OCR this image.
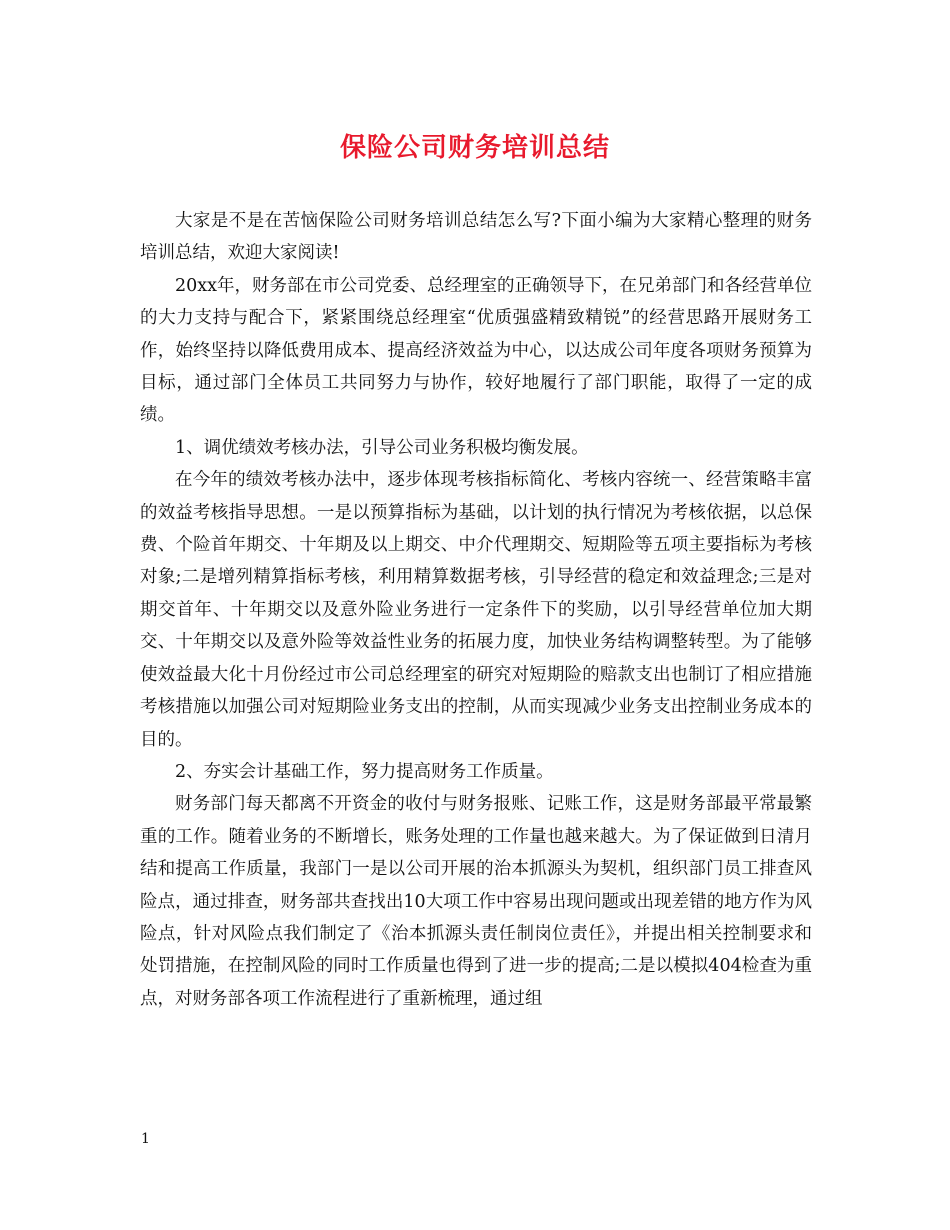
保险公司财务培训总结

大家是不是在苦恼保险公司财务培训总结怎么写?下面小编为大家精心整理的财务培训总结，欢迎大家阅读!

20xx年，财务部在市公司党委、总经理室的正确领导下，在兄弟部门和各经营单位的大力支持与配合下，紧紧围绕总经理室“优质强盛精致精锐”的经营思路开展财务工作，始终坚持以降低费用成本、提高经济效益为中心，以达成公司年度各项财务预算为目标，通过部门全体员工共同努力与协作，较好地履行了部门职能，取得了一定的成绩。

1、调优绩效考核办法，引导公司业务积极均衡发展。

在今年的绩效考核办法中，逐步体现考核指标简化、考核内容统一、经营策略丰富的效益考核指导思想。一是以预算指标为基础，以计划的执行情况为考核依据，以总保费、个险首年期交、十年期及以上期交、中介代理期交、短期险等五项主要指标为考核对象;二是增列精算指标考核，利用精算数据考核，引导经营的稳定和效益理念;三是对期交首年、十年期交以及意外险业务进行一定条件下的奖励，以引导经营单位加大期交、十年期交以及意外险等效益性业务的拓展力度，加快业务结构调整转型。为了能够使效益最大化十月份经过市公司总经理室的研究对短期险的赔款支出也制订了相应措施考核措施以加强公司对短期险业务支出的控制，从而实现减少业务支出控制业务成本的目的。

2、夯实会计基础工作，努力提高财务工作质量。

财务部门每天都离不开资金的收付与财务报账、记账工作，这是财务部最平常最繁重的工作。随着业务的不断增长，账务处理的工作量也越来越大。为了保证做到日清月结和提高工作质量，我部门一是以公司开展的治本抓源头为契机，组织部门员工排查风险点，通过排查，财务部共查找出10大项工作中容易出现问题或出现差错的地方作为风险点，针对风险点我们制定了《治本抓源头责任制岗位责任》，并提出相关控制要求和处罚措施，在控制风险的同时工作质量也得到了进一步的提高;二是以模拟404检查为重点，对财务部各项工作流程进行了重新梳理，通过组

1
